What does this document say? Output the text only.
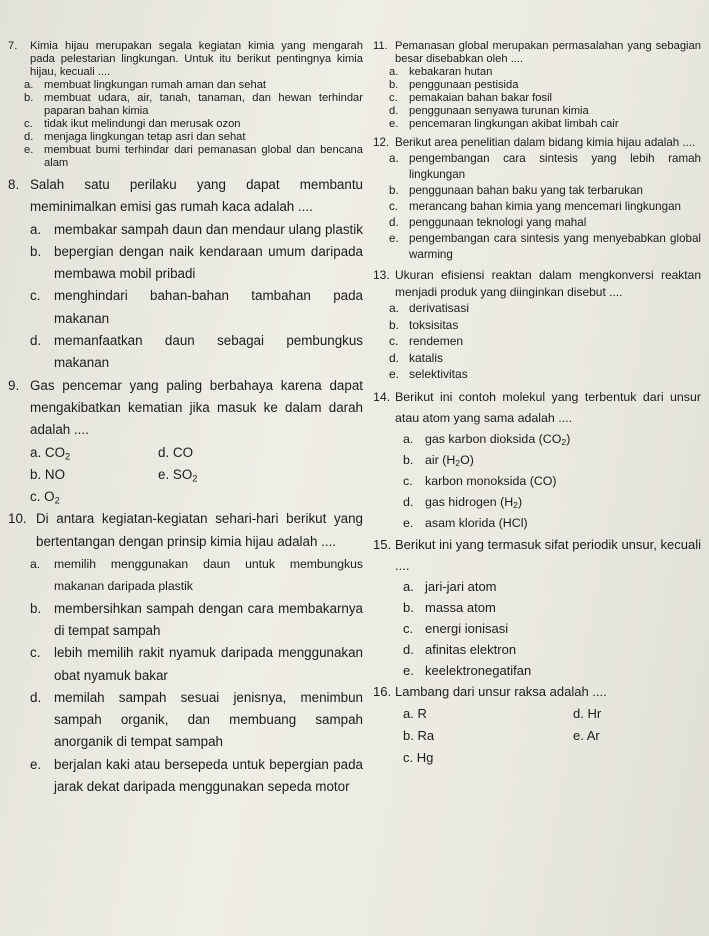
7.	Kimia hijau merupakan segala kegiatan kimia yang mengarah pada pelestarian lingkungan. Untuk itu berikut pentingnya kimia hijau, kecuali ....
a. membuat lingkungan rumah aman dan sehat
b. membuat udara, air, tanah, tanaman, dan hewan terhindar paparan bahan kimia
c. tidak ikut melindungi dan merusak ozon
d. menjaga lingkungan tetap asri dan sehat
e. membuat bumi terhindar dari pemanasan global dan bencana alam
8. Salah satu perilaku yang dapat membantu meminimalkan emisi gas rumah kaca adalah ....
a. membakar sampah daun dan mendaur ulang plastik
b. bepergian dengan naik kendaraan umum daripada membawa mobil pribadi
c. menghindari bahan-bahan tambahan pada makanan
d. memanfaatkan daun sebagai pembungkus makanan
9. Gas pencemar yang paling berbahaya karena dapat mengakibatkan kematian jika masuk ke dalam darah adalah ....
a. $CO_2$	d. CO
b. NO	e. $SO_2$
c. $O_2$
10. Di antara kegiatan-kegiatan sehari-hari berikut yang bertentangan dengan prinsip kimia hijau adalah ....
a. memilih menggunakan daun untuk membungkus makanan daripada plastik
b. membersihkan sampah dengan cara membakarnya di tempat sampah
c. lebih memilih rakit nyamuk daripada menggunakan obat nyamuk bakar
d. memilah sampah sesuai jenisnya, menimbun sampah organik, dan membuang sampah anorganik di tempat sampah
e. berjalan kaki atau bersepeda untuk bepergian pada jarak dekat daripada menggunakan sepeda motor
11. Pemanasan global merupakan permasalahan yang sebagian besar disebabkan oleh ....
a. kebakaran hutan
b. penggunaan pestisida
c. pemakaian bahan bakar fosil
d. penggunaan senyawa turunan kimia
e. pencemaran lingkungan akibat limbah cair
12. Berikut area penelitian dalam bidang kimia hijau adalah ....
a. pengembangan cara sintesis yang lebih ramah lingkungan
b. penggunaan bahan baku yang tak terbarukan
c. merancang bahan kimia yang mencemari lingkungan
d. penggunaan teknologi yang mahal
e. pengembangan cara sintesis yang menyebabkan global warming
13. Ukuran efisiensi reaktan dalam mengkonversi reaktan menjadi produk yang diinginkan disebut ....
a. derivatisasi
b. toksisitas
c. rendemen
d. katalis
e. selektivitas
14. Berikut ini contoh molekul yang terbentuk dari unsur atau atom yang sama adalah ....
a. gas karbon dioksida $(CO_2)$
b. air $(H_2O)$
c. karbon monoksida (CO)
d. gas hidrogen $(H_2)$
e. asam klorida (HCl)
15. Berikut ini yang termasuk sifat periodik unsur, kecuali ....
a. jari-jari atom
b. massa atom
c. energi ionisasi
d. afinitas elektron
e. keelektronegatifan
16. Lambang dari unsur raksa adalah ....
a. R	d. Hr
b. Ra	e. Ar
c. Hg
